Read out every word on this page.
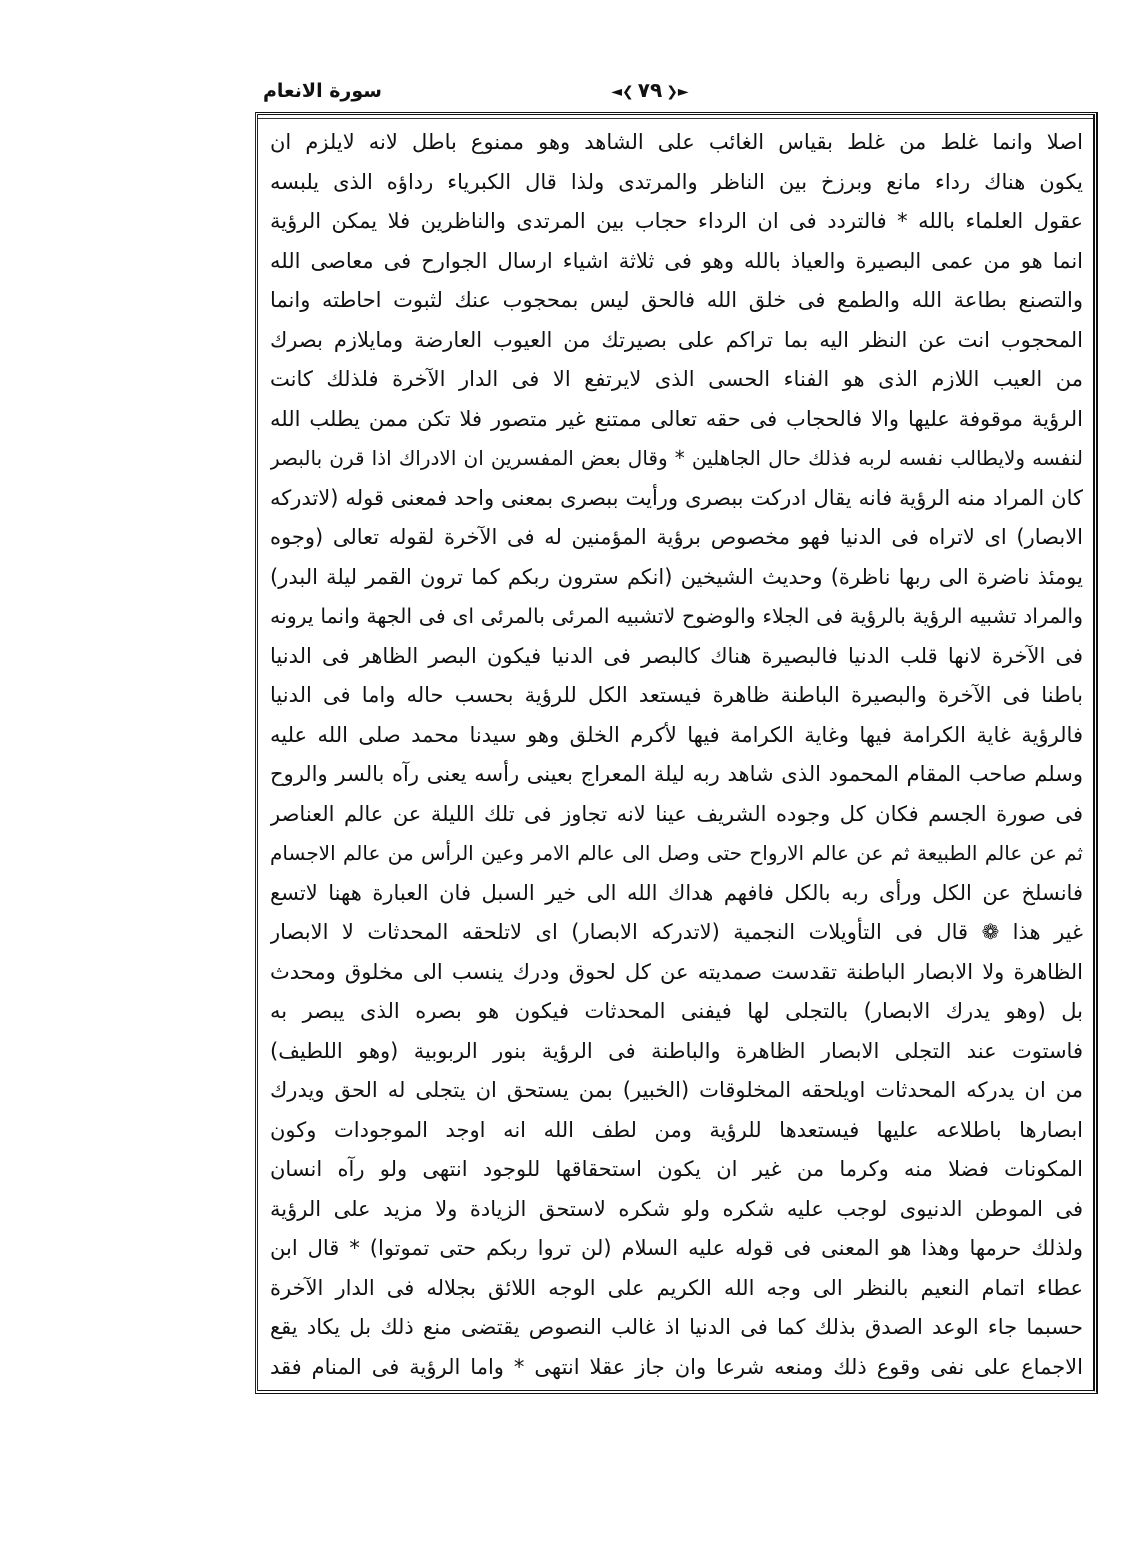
سورة الانعام	◄❮ ٧٩ ❯►
اصلا وانما غلط من غلط بقياس الغائب على الشاهد وهو ممنوع باطل لانه لايلزم ان
يكون هناك رداء مانع وبرزخ بين الناظر والمرتدى ولذا قال الكبرياء رداؤه الذى يلبسه
عقول العلماء بالله * فالتردد فى ان الرداء حجاب بين المرتدى والناظرين فلا يمكن الرؤية
انما هو من عمى البصيرة والعياذ بالله وهو فى ثلاثة اشياء ارسال الجوارح فى معاصى الله
والتصنع بطاعة الله والطمع فى خلق الله فالحق ليس بمحجوب عنك لثبوت احاطته وانما
المحجوب انت عن النظر اليه بما تراكم على بصيرتك من العيوب العارضة ومايلازم بصرك
من العيب اللازم الذى هو الفناء الحسى الذى لايرتفع الا فى الدار الآخرة فلذلك كانت
الرؤية موقوفة عليها والا فالحجاب فى حقه تعالى ممتنع غير متصور فلا تكن ممن يطلب الله
لنفسه ولايطالب نفسه لربه فذلك حال الجاهلين * وقال بعض المفسرين ان الادراك اذا قرن بالبصر
كان المراد منه الرؤية فانه يقال ادركت ببصرى ورأيت ببصرى بمعنى واحد فمعنى قوله (لاتدركه
الابصار) اى لاتراه فى الدنيا فهو مخصوص برؤية المؤمنين له فى الآخرة لقوله تعالى (وجوه
يومئذ ناضرة الى ربها ناظرة) وحديث الشيخين (انكم سترون ربكم كما ترون القمر ليلة البدر)
والمراد تشبيه الرؤية بالرؤية فى الجلاء والوضوح لاتشبيه المرئى بالمرئى اى فى الجهة وانما يرونه
فى الآخرة لانها قلب الدنيا فالبصيرة هناك كالبصر فى الدنيا فيكون البصر الظاهر فى الدنيا
باطنا فى الآخرة والبصيرة الباطنة ظاهرة فيستعد الكل للرؤية بحسب حاله واما فى الدنيا
فالرؤية غاية الكرامة فيها وغاية الكرامة فيها لأكرم الخلق وهو سيدنا محمد صلى الله عليه
وسلم صاحب المقام المحمود الذى شاهد ربه ليلة المعراج بعينى رأسه يعنى رآه بالسر والروح
فى صورة الجسم فكان كل وجوده الشريف عينا لانه تجاوز فى تلك الليلة عن عالم العناصر
ثم عن عالم الطبيعة ثم عن عالم الارواح حتى وصل الى عالم الامر وعين الرأس من عالم الاجسام
فانسلخ عن الكل ورأى ربه بالكل فافهم هداك الله الى خير السبل فان العبارة ههنا لاتسع
غير هذا ❁ قال فى التأويلات النجمية (لاتدركه الابصار) اى لاتلحقه المحدثات لا الابصار
الظاهرة ولا الابصار الباطنة تقدست صمديته عن كل لحوق ودرك ينسب الى مخلوق ومحدث
بل (وهو يدرك الابصار) بالتجلى لها فيفنى المحدثات فيكون هو بصره الذى يبصر به
فاستوت عند التجلى الابصار الظاهرة والباطنة فى الرؤية بنور الربوبية (وهو اللطيف)
من ان يدركه المحدثات اويلحقه المخلوقات (الخبير) بمن يستحق ان يتجلى له الحق ويدرك
ابصارها باطلاعه عليها فيستعدها للرؤية ومن لطف الله انه اوجد الموجودات وكون
المكونات فضلا منه وكرما من غير ان يكون استحقاقها للوجود انتهى ولو رآه انسان
فى الموطن الدنيوى لوجب عليه شكره ولو شكره لاستحق الزيادة ولا مزيد على الرؤية
ولذلك حرمها وهذا هو المعنى فى قوله عليه السلام (لن تروا ربكم حتى تموتوا) * قال ابن
عطاء اتمام النعيم بالنظر الى وجه الله الكريم على الوجه اللائق بجلاله فى الدار الآخرة
حسبما جاء الوعد الصدق بذلك كما فى الدنيا اذ غالب النصوص يقتضى منع ذلك بل يكاد يقع
الاجماع على نفى وقوع ذلك ومنعه شرعا وان جاز عقلا انتهى * واما الرؤية فى المنام فقد
